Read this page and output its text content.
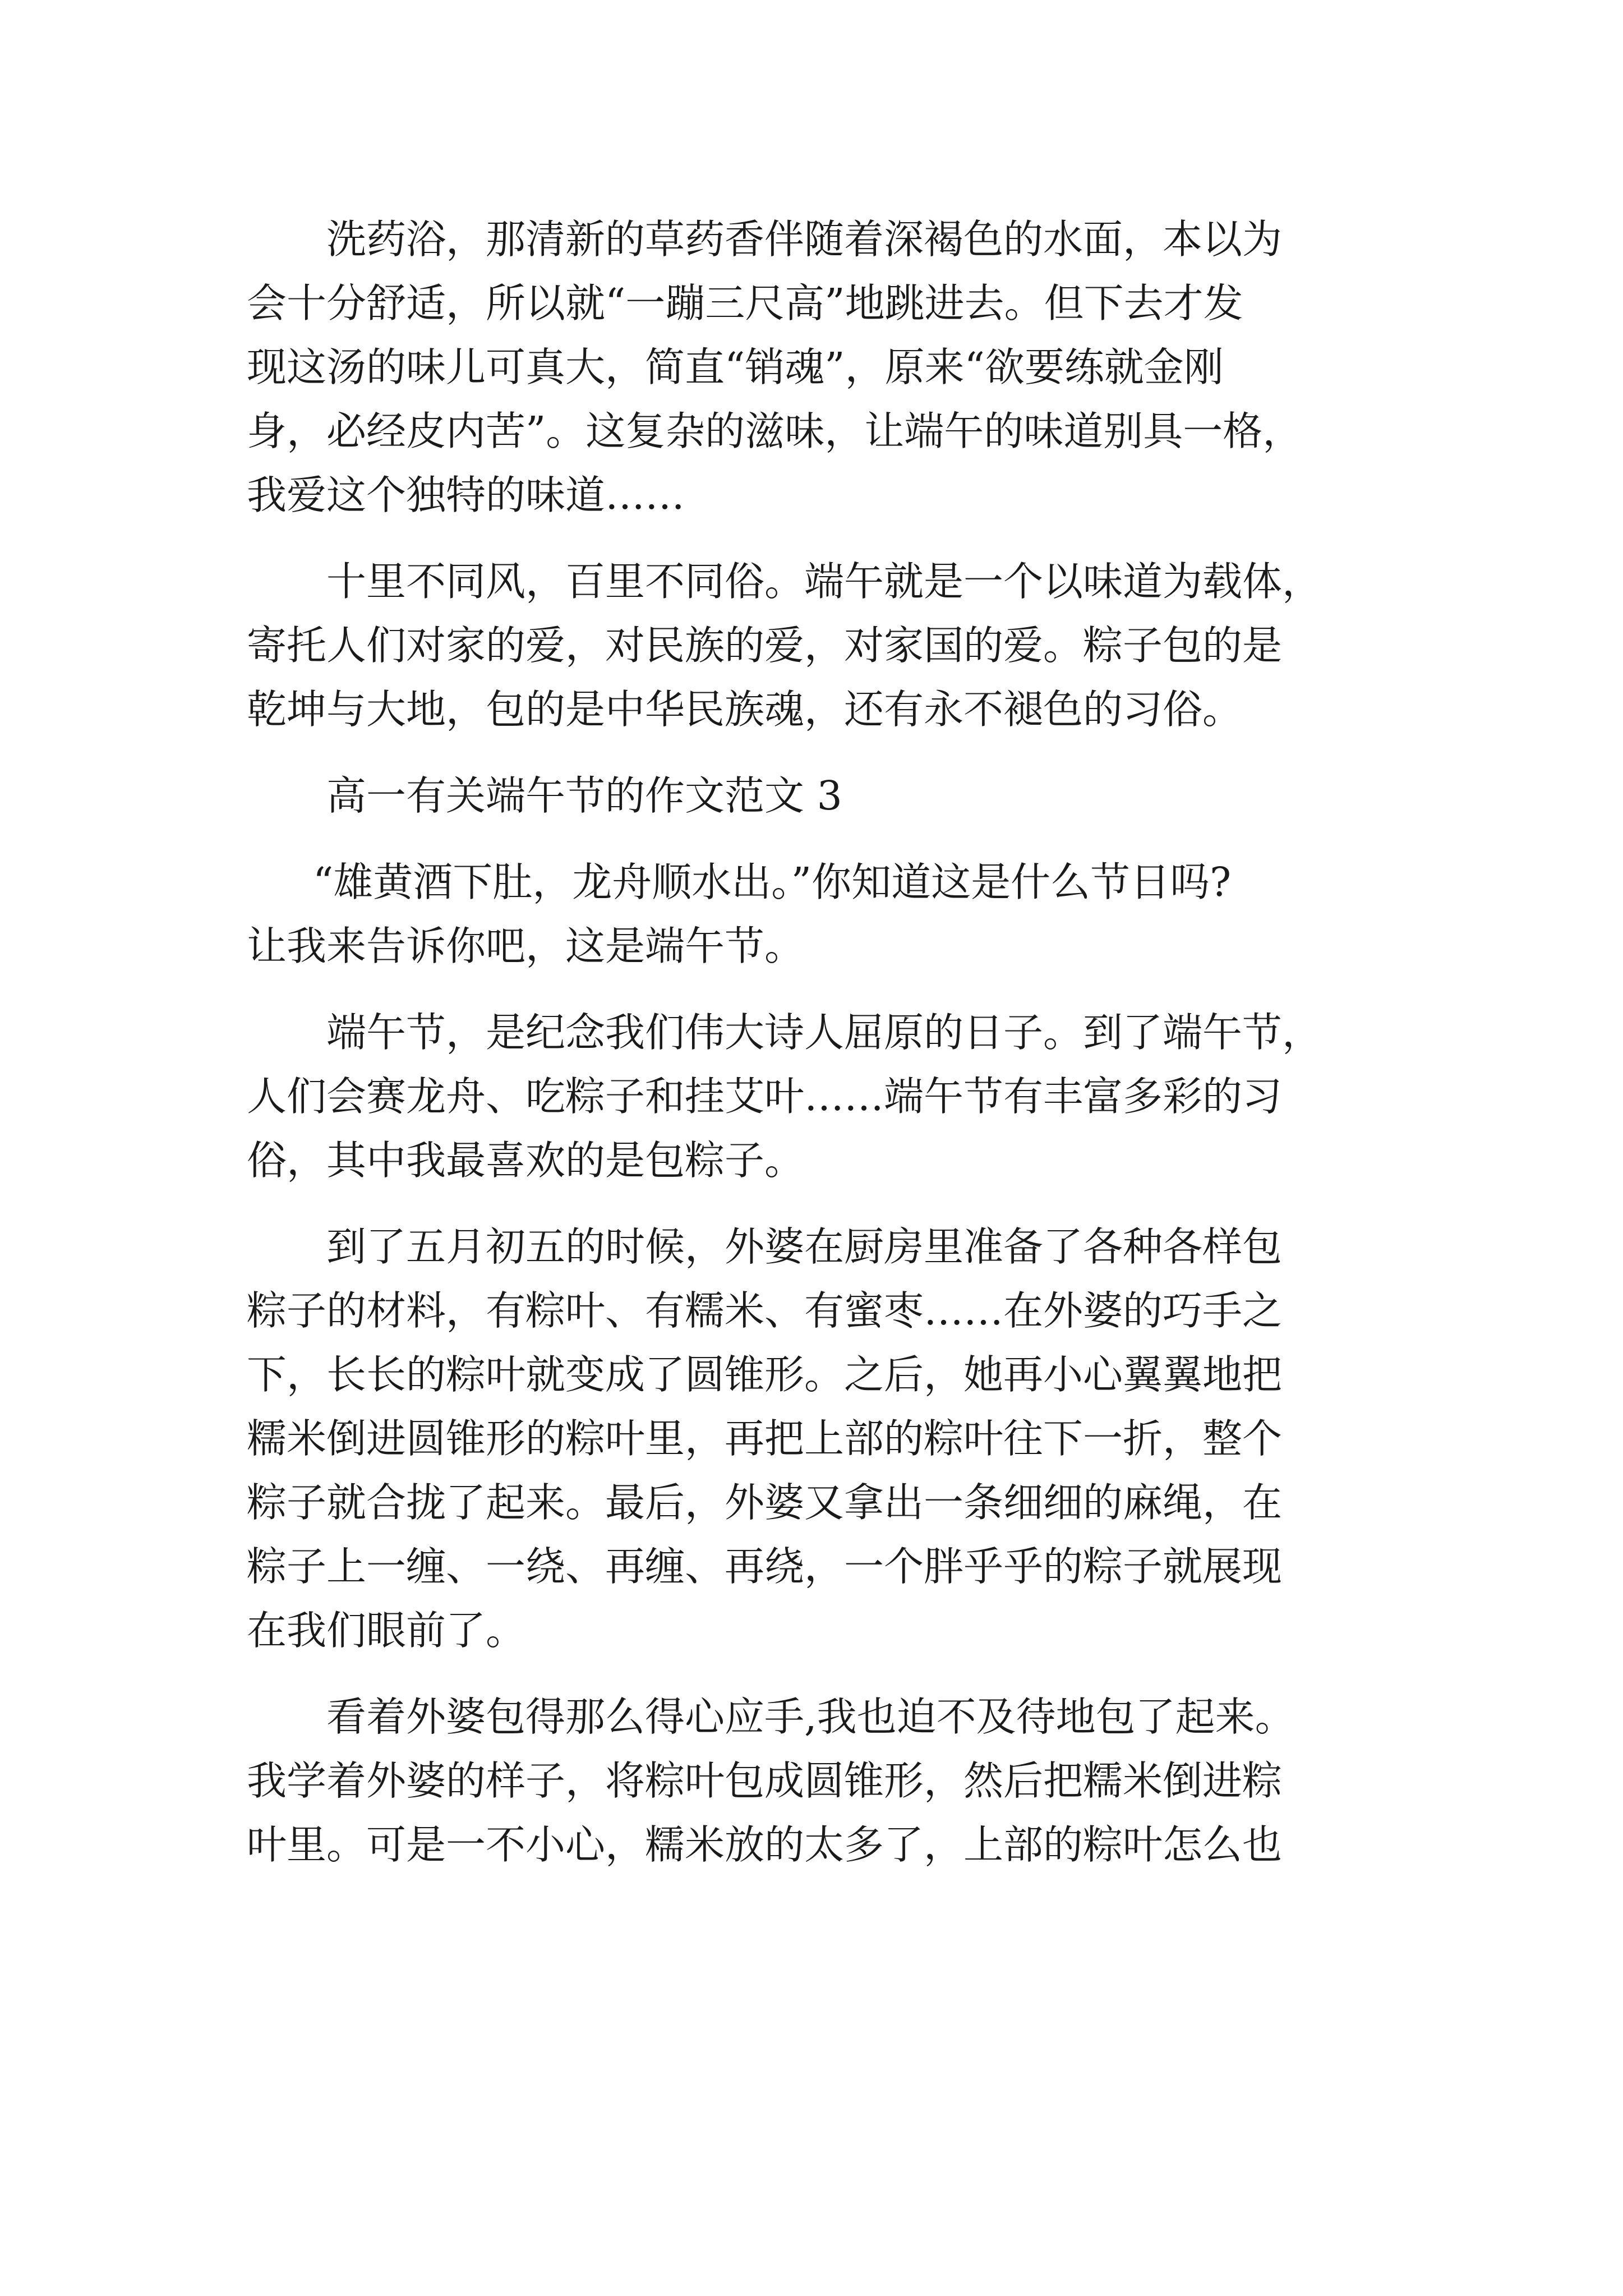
洗药浴，那清新的草药香伴随着深褐色的水面，本以为
会十分舒适，所以就“一蹦三尺高”地跳进去。但下去才发
现这汤的味儿可真大，简直“销魂”，原来“欲要练就金刚
身，必经皮内苦”。这复杂的滋味，让端午的味道别具一格，
我爱这个独特的味道……
十里不同风，百里不同俗。端午就是一个以味道为载体，
寄托人们对家的爱，对民族的爱，对家国的爱。粽子包的是
乾坤与大地，包的是中华民族魂，还有永不褪色的习俗。
高一有关端午节的作文范文 3
“雄黄酒下肚，龙舟顺水出。”你知道这是什么节日吗?
让我来告诉你吧，这是端午节。
端午节，是纪念我们伟大诗人屈原的日子。到了端午节，
人们会赛龙舟、吃粽子和挂艾叶……端午节有丰富多彩的习
俗，其中我最喜欢的是包粽子。
到了五月初五的时候，外婆在厨房里准备了各种各样包
粽子的材料，有粽叶、有糯米、有蜜枣……在外婆的巧手之
下，长长的粽叶就变成了圆锥形。之后，她再小心翼翼地把
糯米倒进圆锥形的粽叶里，再把上部的粽叶往下一折，整个
粽子就合拢了起来。最后，外婆又拿出一条细细的麻绳，在
粽子上一缠、一绕、再缠、再绕，一个胖乎乎的粽子就展现
在我们眼前了。
看着外婆包得那么得心应手,我也迫不及待地包了起来。
我学着外婆的样子，将粽叶包成圆锥形，然后把糯米倒进粽
叶里。可是一不小心，糯米放的太多了，上部的粽叶怎么也
